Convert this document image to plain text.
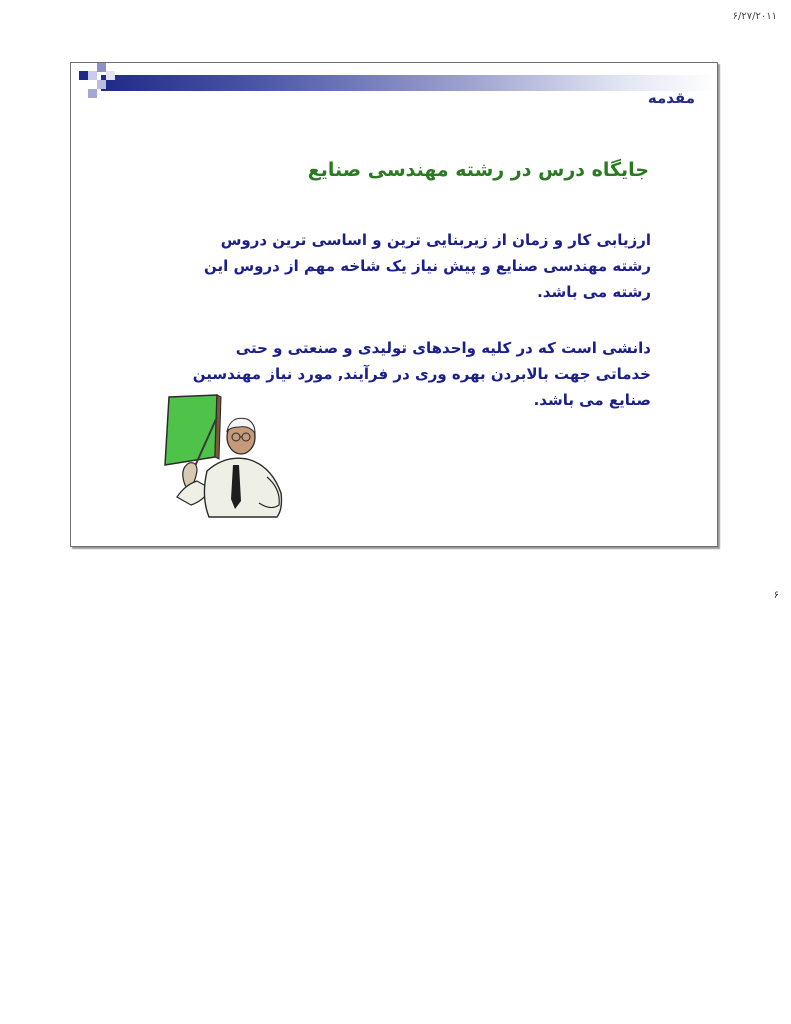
۶/۲۷/۲۰۱۱
مقدمه
جایگاه درس در رشته مهندسی صنایع

ارزیابی کار و زمان از زیربنایی ترین و اساسی ترین دروس رشته مهندسی صنایع و پیش نیاز یک شاخه مهم از دروس این رشته می باشد.

دانشی است که در کلیه واحدهای تولیدی و صنعتی و حتی خدماتی جهت بالابردن بهره وری در فرآیند, مورد نیاز مهندسین صنایع می باشد.

۶
